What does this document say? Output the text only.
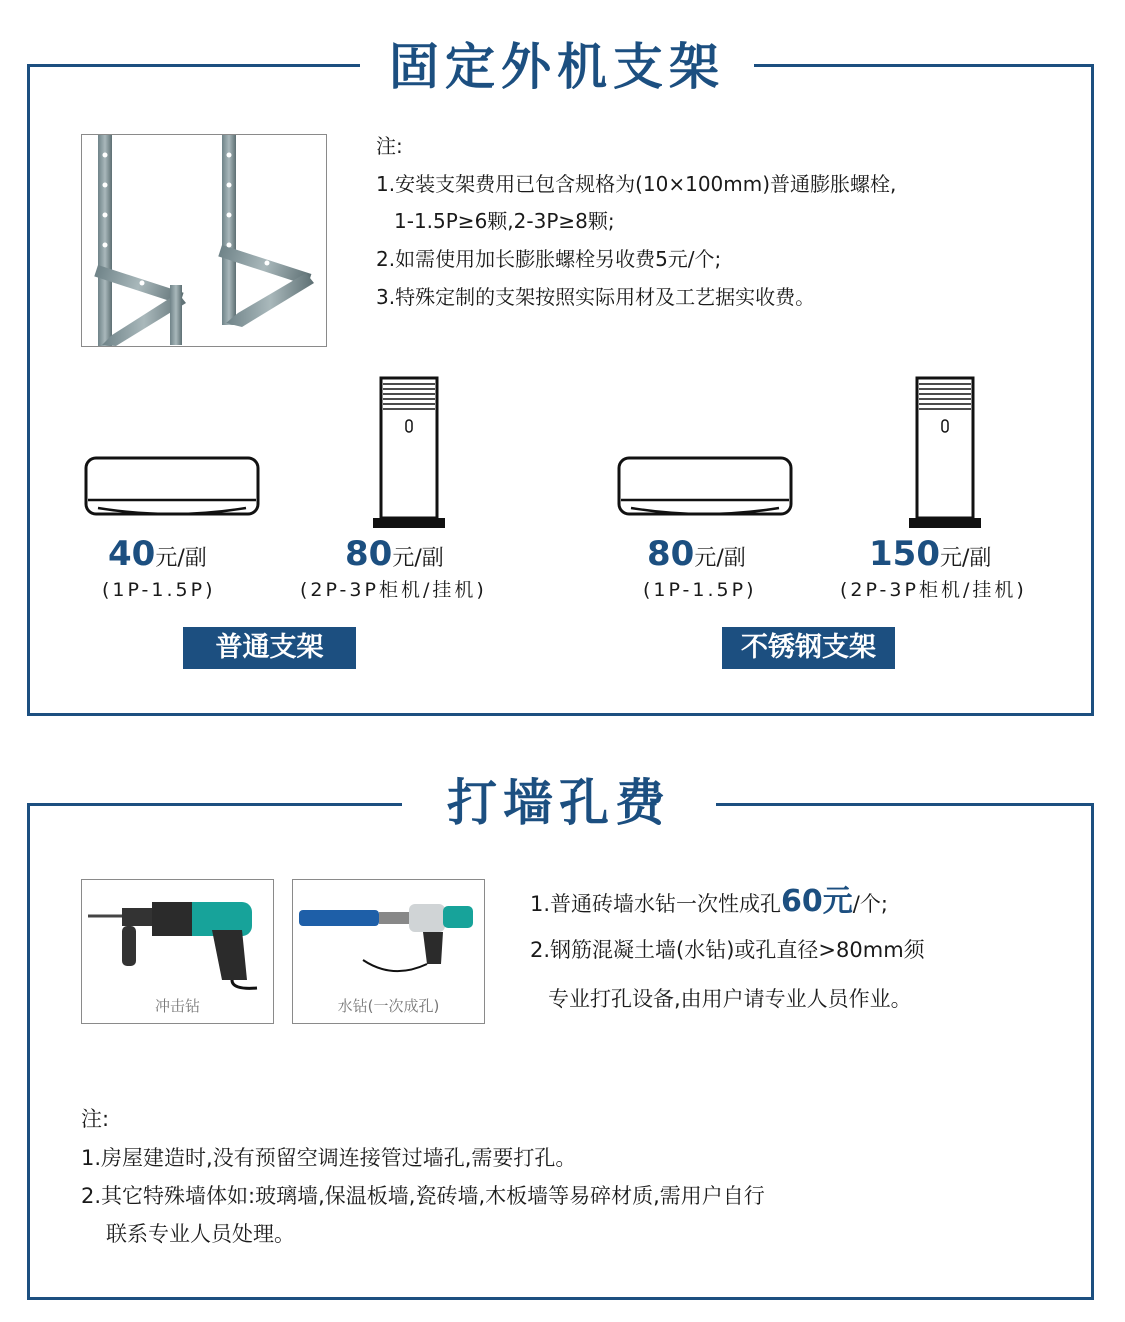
固定外机支架
注:
1.安装支架费用已包含规格为(10×100mm)普通膨胀螺栓,
1-1.5P≥6颗,2-3P≥8颗;
2.如需使用加长膨胀螺栓另收费5元/个;
3.特殊定制的支架按照实际用材及工艺据实收费。
40元/副
(1P-1.5P)
80元/副
(2P-3P柜机/挂机)
80元/副
(1P-1.5P)
150元/副
(2P-3P柜机/挂机)
普通支架	不锈钢支架
打墙孔费
冲击钻	水钻(一次成孔)
1.普通砖墙水钻一次性成孔60元/个;
2.钢筋混凝土墙(水钻)或孔直径>80mm须
专业打孔设备,由用户请专业人员作业。
注:
1.房屋建造时,没有预留空调连接管过墙孔,需要打孔。
2.其它特殊墙体如:玻璃墙,保温板墙,瓷砖墙,木板墙等易碎材质,需用户自行
联系专业人员处理。
